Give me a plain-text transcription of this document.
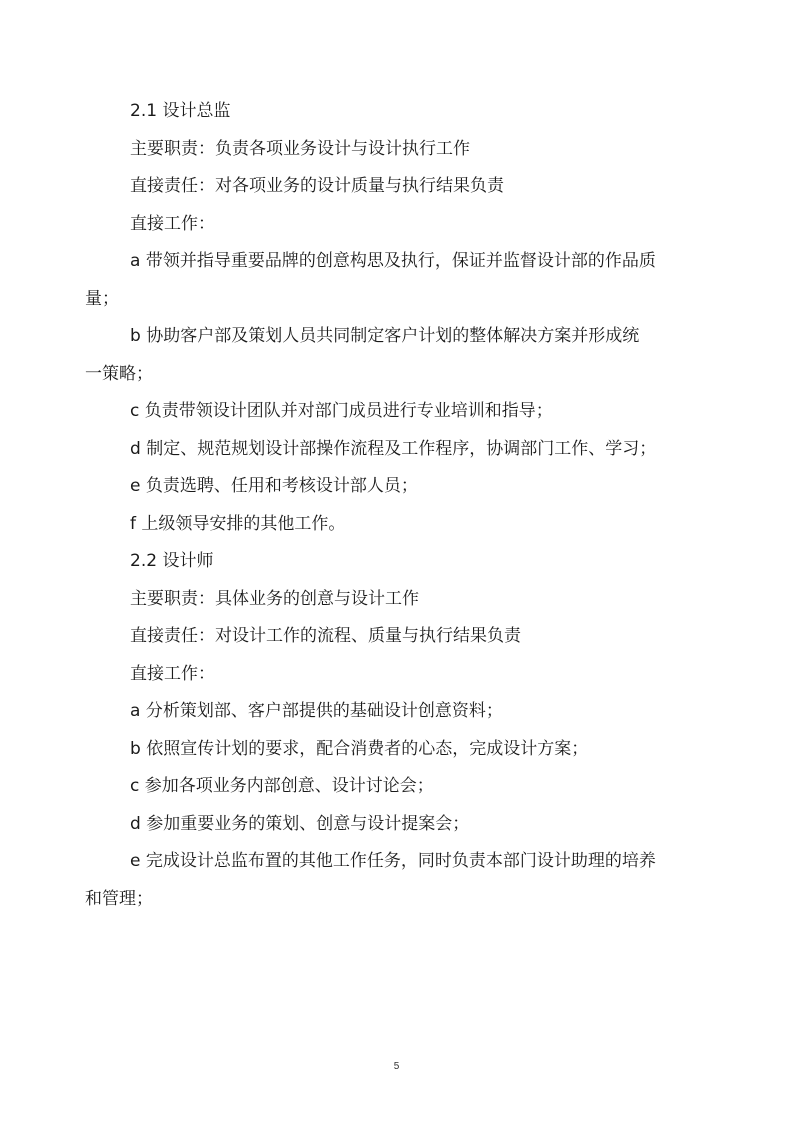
2.1 设计总监
主要职责：负责各项业务设计与设计执行工作
直接责任：对各项业务的设计质量与执行结果负责
直接工作：
a 带领并指导重要品牌的创意构思及执行，保证并监督设计部的作品质
量；
b 协助客户部及策划人员共同制定客户计划的整体解决方案并形成统
一策略；
c 负责带领设计团队并对部门成员进行专业培训和指导；
d 制定、规范规划设计部操作流程及工作程序，协调部门工作、学习；
e 负责选聘、任用和考核设计部人员；
f 上级领导安排的其他工作。
2.2 设计师
主要职责：具体业务的创意与设计工作
直接责任：对设计工作的流程、质量与执行结果负责
直接工作：
a 分析策划部、客户部提供的基础设计创意资料；
b 依照宣传计划的要求，配合消费者的心态，完成设计方案；
c 参加各项业务内部创意、设计讨论会；
d 参加重要业务的策划、创意与设计提案会；
e 完成设计总监布置的其他工作任务，同时负责本部门设计助理的培养
和管理；
5
